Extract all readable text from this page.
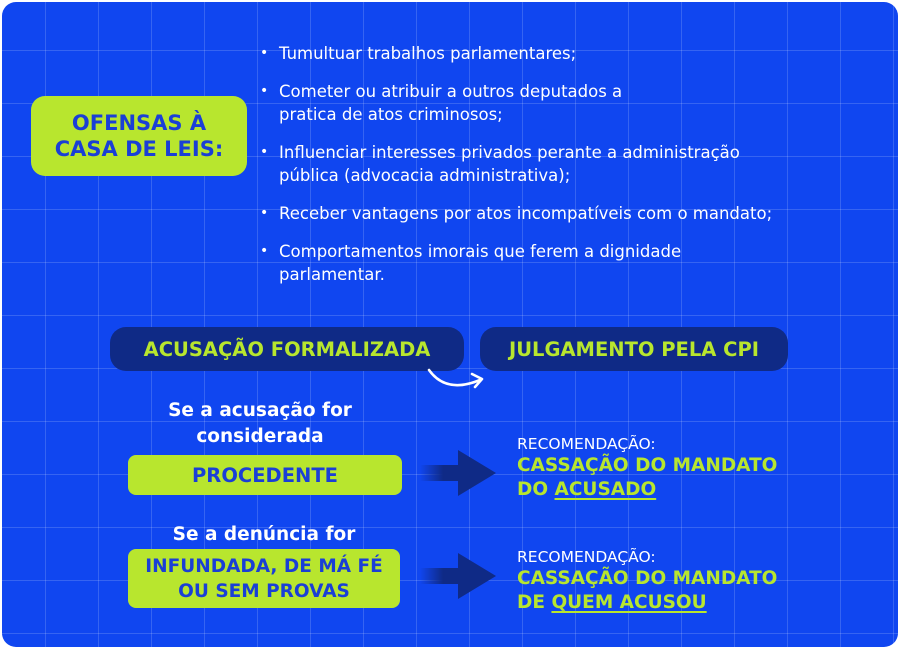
OFENSAS À CASA DE LEIS:
• Tumultuar trabalhos parlamentares;
• Cometer ou atribuir a outros deputados a pratica de atos criminosos;
• Influenciar interesses privados perante a administração pública (advocacia administrativa);
• Receber vantagens por atos incompatíveis com o mandato;
• Comportamentos imorais que ferem a dignidade parlamentar.
ACUSAÇÃO FORMALIZADA	JULGAMENTO PELA CPI
Se a acusação for considerada
PROCEDENTE
RECOMENDAÇÃO:
CASSAÇÃO DO MANDATO
DO ACUSADO
Se a denúncia for
INFUNDADA, DE MÁ FÉ OU SEM PROVAS
RECOMENDAÇÃO:
CASSAÇÃO DO MANDATO
DE QUEM ACUSOU
